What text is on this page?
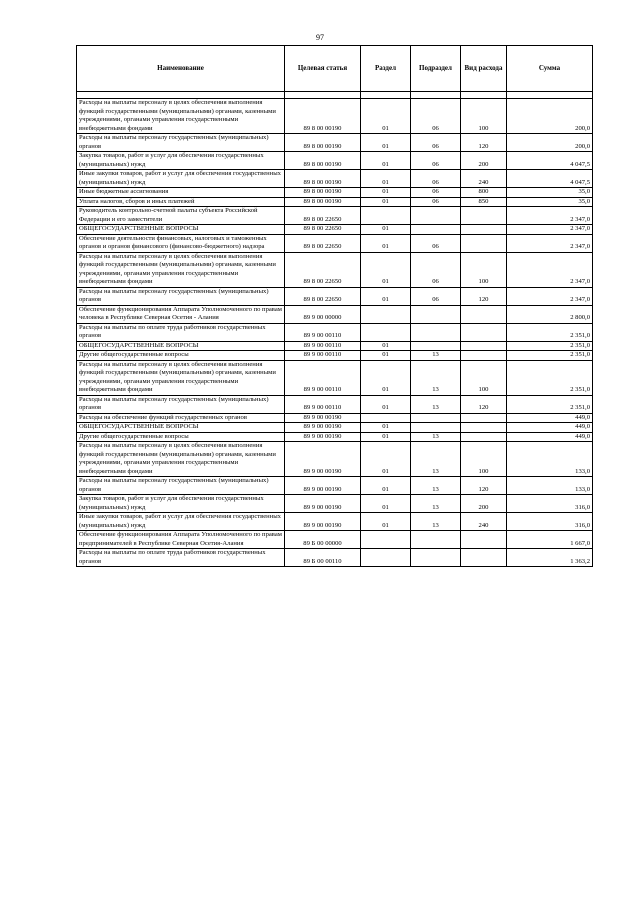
97
Наименование	Целевая статья	Раздел	Подраздел	Вид расхода	Сумма

Расходы на выплаты персоналу в целях обеспечения выполнения функций государственными (муниципальными) органами, казенными учреждениями, органами управления государственными внебюджетными фондами	89 8 00 00190	01	06	100	200,0
Расходы на выплаты персоналу государственных (муниципальных) органов	89 8 00 00190	01	06	120	200,0
Закупка товаров, работ и услуг для обеспечения государственных (муниципальных) нужд	89 8 00 00190	01	06	200	4 047,5
Иные закупки товаров, работ и услуг для обеспечения государственных (муниципальных) нужд	89 8 00 00190	01	06	240	4 047,5
Иные бюджетные ассигнования	89 8 00 00190	01	06	800	35,0
Уплата налогов, сборов и иных платежей	89 8 00 00190	01	06	850	35,0
Руководитель контрольно-счетной палаты субъекта Российской Федерации и его заместители	89 8 00 22650				2 347,0
ОБЩЕГОСУДАРСТВЕННЫЕ ВОПРОСЫ	89 8 00 22650	01			2 347,0
Обеспечение деятельности финансовых, налоговых и таможенных органов и органов финансового (финансово-бюджетного) надзора	89 8 00 22650	01	06		2 347,0
Расходы на выплаты персоналу в целях обеспечения выполнения функций государственными (муниципальными) органами, казенными учреждениями, органами управления государственными внебюджетными фондами	89 8 00 22650	01	06	100	2 347,0
Расходы на выплаты персоналу государственных (муниципальных) органов	89 8 00 22650	01	06	120	2 347,0
Обеспечение функционирования Аппарата Уполномоченного по правам человека в Республике Северная Осетия - Алания	89 9 00 00000				2 800,0
Расходы на выплаты по оплате труда работников государственных органов	89 9 00 00110				2 351,0
ОБЩЕГОСУДАРСТВЕННЫЕ ВОПРОСЫ	89 9 00 00110	01			2 351,0
Другие общегосударственные вопросы	89 9 00 00110	01	13		2 351,0
Расходы на выплаты персоналу в целях обеспечения выполнения функций государственными (муниципальными) органами, казенными учреждениями, органами управления государственными внебюджетными фондами	89 9 00 00110	01	13	100	2 351,0
Расходы на выплаты персоналу государственных (муниципальных) органов	89 9 00 00110	01	13	120	2 351,0
Расходы на обеспечение функций государственных органов	89 9 00 00190				449,0
ОБЩЕГОСУДАРСТВЕННЫЕ ВОПРОСЫ	89 9 00 00190	01			449,0
Другие общегосударственные вопросы	89 9 00 00190	01	13		449,0
Расходы на выплаты персоналу в целях обеспечения выполнения функций государственными (муниципальными) органами, казенными учреждениями, органами управления государственными внебюджетными фондами	89 9 00 00190	01	13	100	133,0
Расходы на выплаты персоналу государственных (муниципальных) органов	89 9 00 00190	01	13	120	133,0
Закупка товаров, работ и услуг для обеспечения государственных (муниципальных) нужд	89 9 00 00190	01	13	200	316,0
Иные закупки товаров, работ и услуг для обеспечения государственных (муниципальных) нужд	89 9 00 00190	01	13	240	316,0
Обеспечение функционирования Аппарата Уполномоченного по правам предпринимателей в Республике Северная Осетия-Алания	89 Б 00 00000				1 667,0
Расходы на выплаты по оплате труда работников государственных органов	89 Б 00 00110				1 363,2
